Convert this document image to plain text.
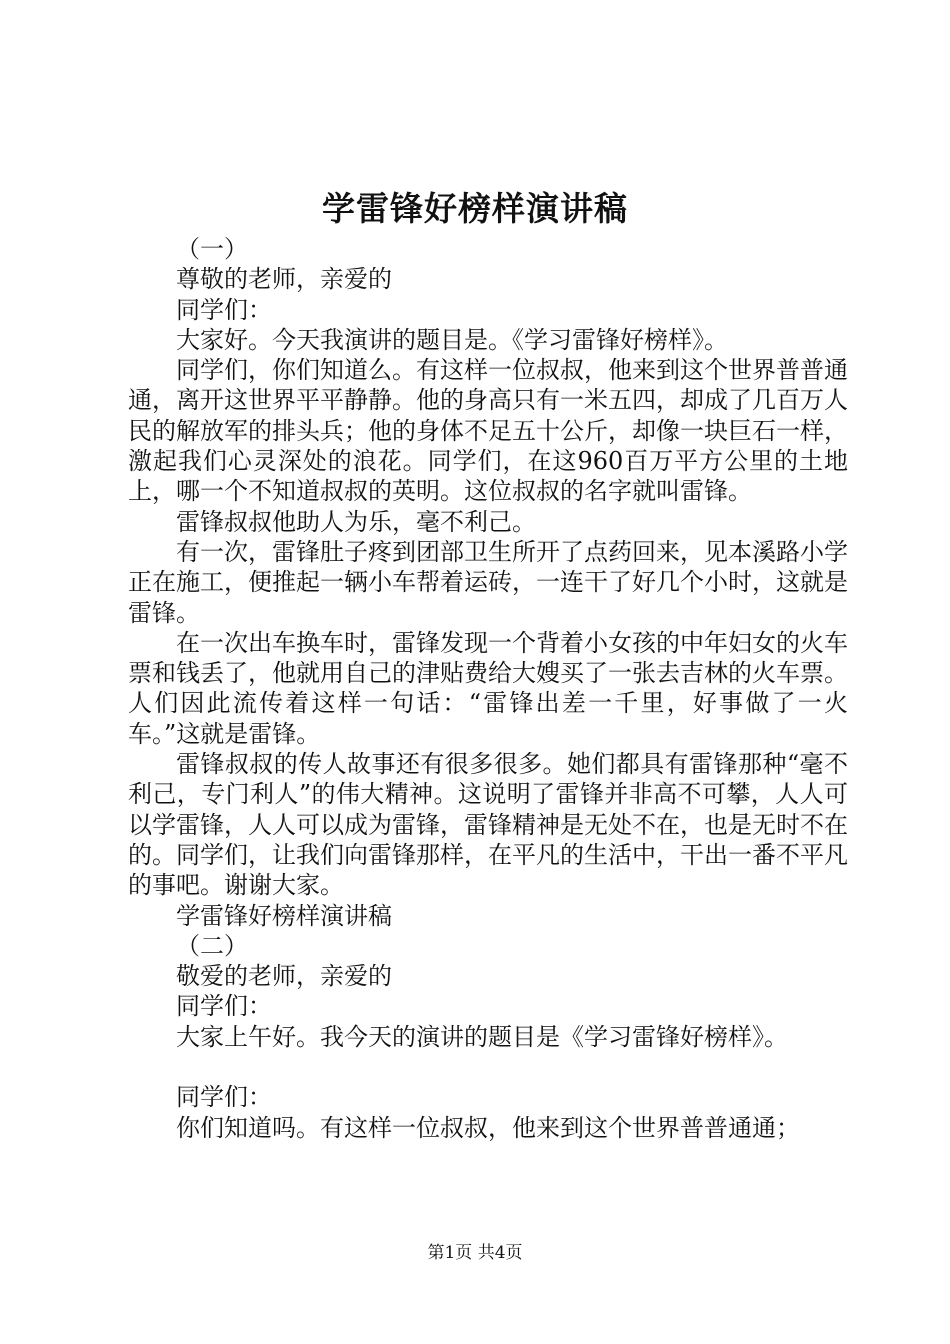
学雷锋好榜样演讲稿

（一）

尊敬的老师，亲爱的

同学们：

大家好。今天我演讲的题目是。《学习雷锋好榜样》。

同学们，你们知道么。有这样一位叔叔，他来到这个世界普普通通，离开这世界平平静静。他的身高只有一米五四，却成了几百万人民的解放军的排头兵；他的身体不足五十公斤，却像一块巨石一样，激起我们心灵深处的浪花。同学们，在这960百万平方公里的土地上，哪一个不知道叔叔的英明。这位叔叔的名字就叫雷锋。

雷锋叔叔他助人为乐，毫不利己。

有一次，雷锋肚子疼到团部卫生所开了点药回来，见本溪路小学正在施工，便推起一辆小车帮着运砖，一连干了好几个小时，这就是雷锋。

在一次出车换车时，雷锋发现一个背着小女孩的中年妇女的火车票和钱丢了，他就用自己的津贴费给大嫂买了一张去吉林的火车票。人们因此流传着这样一句话：“雷锋出差一千里，好事做了一火车。”这就是雷锋。

雷锋叔叔的传人故事还有很多很多。她们都具有雷锋那种“毫不利己，专门利人”的伟大精神。这说明了雷锋并非高不可攀，人人可以学雷锋，人人可以成为雷锋，雷锋精神是无处不在，也是无时不在的。同学们，让我们向雷锋那样，在平凡的生活中，干出一番不平凡的事吧。谢谢大家。

学雷锋好榜样演讲稿

（二）

敬爱的老师，亲爱的

同学们：

大家上午好。我今天的演讲的题目是《学习雷锋好榜样》。

同学们：

你们知道吗。有这样一位叔叔，他来到这个世界普普通通；

第1页 共4页
